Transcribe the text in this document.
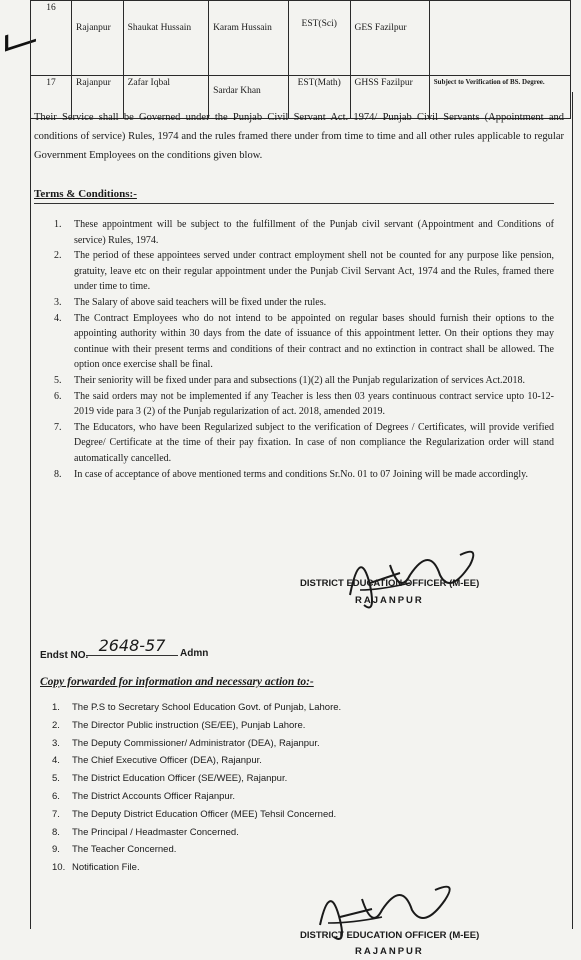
16	Rajanpur	Shaukat Hussain	Karam Hussain	EST(Sci)	GES Fazilpur	
17	Rajanpur	Zafar Iqbal	Sardar Khan	EST(Math)	GHSS Fazilpur	Subject to Verification of BS. Degree.

Their Service shall be Governed under the Punjab Civil Servant Act. 1974/ Punjab Civil Servants (Appointment and conditions of service) Rules, 1974 and the rules framed there under from time to time and all other rules applicable to regular Government Employees on the conditions given blow.

Terms & Conditions:-
1. These appointment will be subject to the fulfillment of the Punjab civil servant (Appointment and Conditions of service) Rules, 1974.
2. The period of these appointees served under contract employment shell not be counted for any purpose like pension, gratuity, leave etc on their regular appointment under the Punjab Civil Servant Act, 1974 and the Rules, framed there under time to time.
3. The Salary of above said teachers will be fixed under the rules.
4. The Contract Employees who do not intend to be appointed on regular bases should furnish their options to the appointing authority within 30 days from the date of issuance of this appointment letter. On their options they may continue with their present terms and conditions of their contract and no extinction in contract shall be allowed. The option once exercise shall be final.
5. Their seniority will be fixed under para and subsections (1)(2) all the Punjab regularization of services Act.2018.
6. The said orders may not be implemented if any Teacher is less then 03 years continuous contract service upto 10-12-2019 vide para 3 (2) of the Punjab regularization of act. 2018, amended 2019.
7. The Educators, who have been Regularized subject to the verification of Degrees / Certificates, will provide verified Degree/ Certificate at the time of their pay fixation. In case of non compliance the Regularization order will stand automatically cancelled.
8. In case of acceptance of above mentioned terms and conditions Sr.No. 01 to 07 Joining will be made accordingly.
DISTRICT EDUCATION OFFICER (M-EE)
RAJANPUR
Endst NO.
2648-57	Admn
Copy forwarded for information and necessary action to:-
1. The P.S to Secretary School Education Govt. of Punjab, Lahore.
2. The Director Public instruction (SE/EE), Punjab Lahore.
3. The Deputy Commissioner/ Administrator (DEA), Rajanpur.
4. The Chief Executive Officer (DEA), Rajanpur.
5. The District Education Officer (SE/WEE), Rajanpur.
6. The District Accounts Officer Rajanpur.
7. The Deputy District Education Officer (MEE) Tehsil Concerned.
8. The Principal / Headmaster Concerned.
9. The Teacher Concerned.
10. Notification File.
DISTRICT EDUCATION OFFICER (M-EE)
RAJANPUR
